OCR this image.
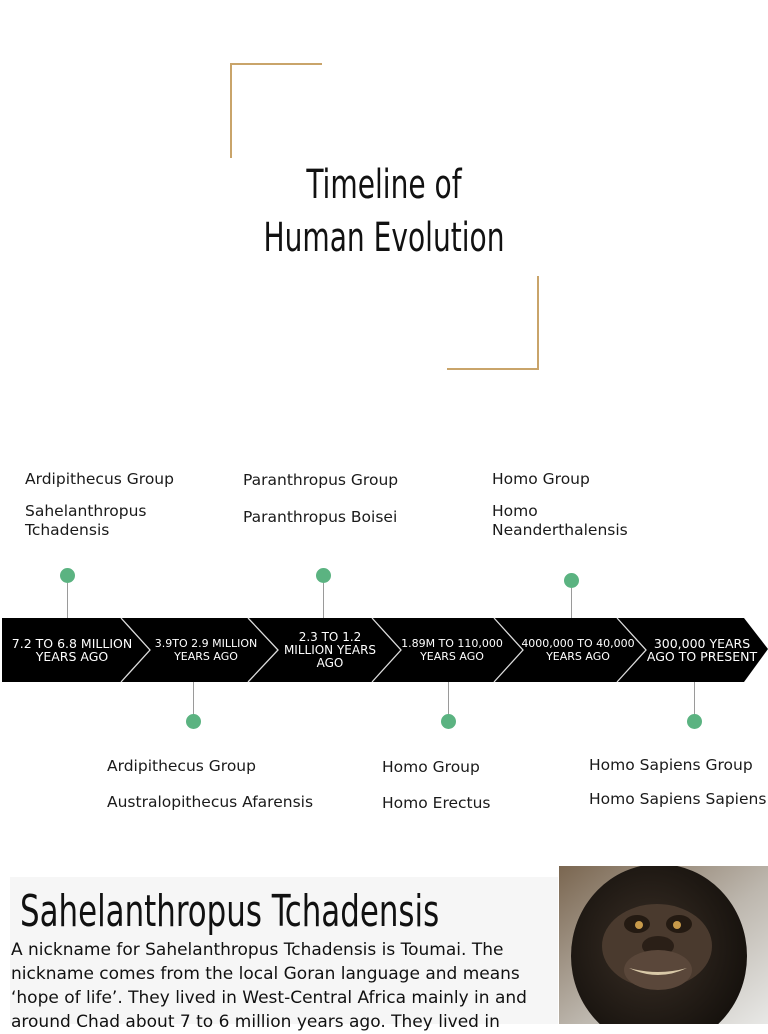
Timeline of
Human Evolution
Ardipithecus Group
Sahelanthropus Tchadensis
Paranthropus Group
Paranthropus Boisei
Homo Group
Homo Neanderthalensis
7.2 TO 6.8 MILLION YEARS AGO
3.9TO 2.9 MILLION YEARS AGO
2.3 TO 1.2 MILLION YEARS AGO
1.89M TO 110,000 YEARS AGO
4000,000 TO 40,000 YEARS AGO
300,000 YEARS AGO TO PRESENT
Ardipithecus Group
Australopithecus Afarensis
Homo Group
Homo Erectus
Homo Sapiens Group
Homo Sapiens Sapiens
Sahelanthropus Tchadensis

A nickname for Sahelanthropus Tchadensis is Toumai. The nickname comes from the local Goran language and means ‘hope of life’. They lived in West-Central Africa mainly in and around Chad about 7 to 6 million years ago. They lived in
